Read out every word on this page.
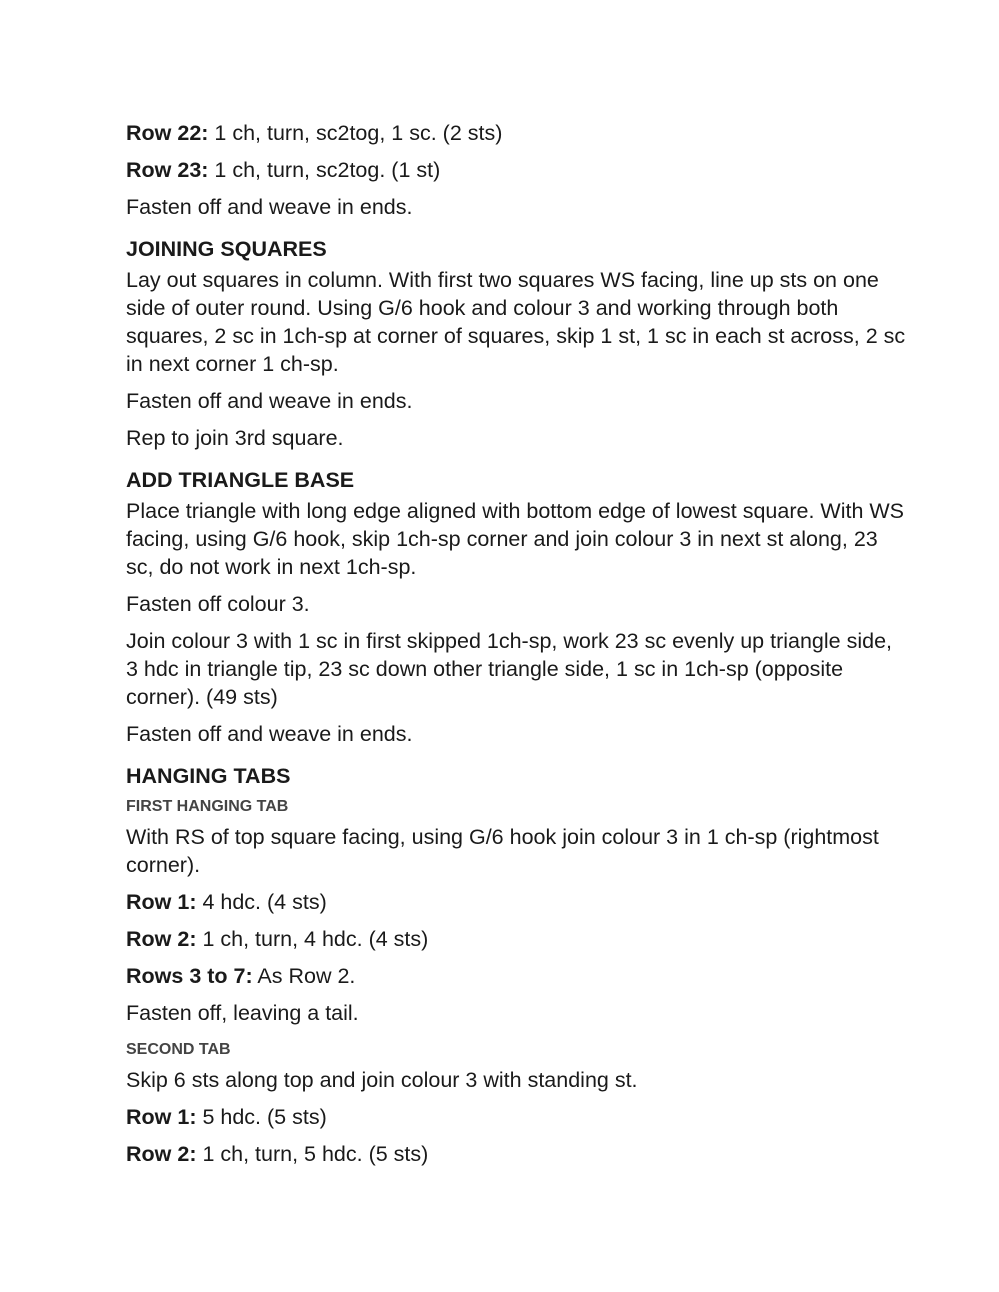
Row 22: 1 ch, turn, sc2tog, 1 sc. (2 sts)

Row 23: 1 ch, turn, sc2tog. (1 st)

Fasten off and weave in ends.

JOINING SQUARES

Lay out squares in column. With first two squares WS facing, line up sts on one side of outer round. Using G/6 hook and colour 3 and working through both squares, 2 sc in 1ch-sp at corner of squares, skip 1 st, 1 sc in each st across, 2 sc in next corner 1 ch-sp.

Fasten off and weave in ends.

Rep to join 3rd square.

ADD TRIANGLE BASE

Place triangle with long edge aligned with bottom edge of lowest square. With WS facing, using G/6 hook, skip 1ch-sp corner and join colour 3 in next st along, 23 sc, do not work in next 1ch-sp.

Fasten off colour 3.

Join colour 3 with 1 sc in first skipped 1ch-sp, work 23 sc evenly up triangle side, 3 hdc in triangle tip, 23 sc down other triangle side, 1 sc in 1ch-sp (opposite corner). (49 sts)

Fasten off and weave in ends.

HANGING TABS
FIRST HANGING TAB

With RS of top square facing, using G/6 hook join colour 3 in 1 ch-sp (rightmost corner).

Row 1: 4 hdc. (4 sts)

Row 2: 1 ch, turn, 4 hdc. (4 sts)

Rows 3 to 7: As Row 2.

Fasten off, leaving a tail.

SECOND TAB

Skip 6 sts along top and join colour 3 with standing st.

Row 1: 5 hdc. (5 sts)

Row 2: 1 ch, turn, 5 hdc. (5 sts)
